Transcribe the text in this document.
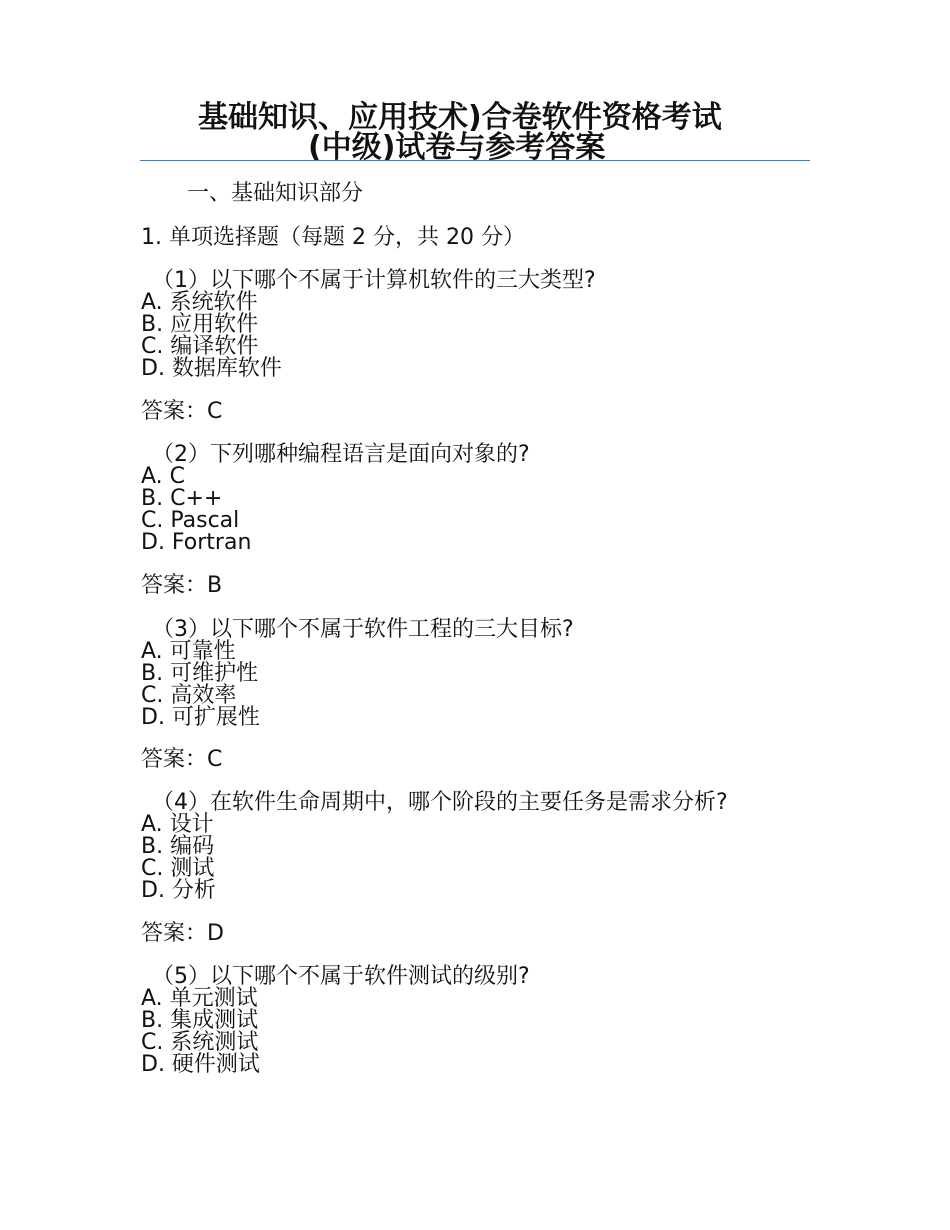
基础知识、应用技术)合卷软件资格考试
(中级)试卷与参考答案
一、基础知识部分
1. 单项选择题（每题 2 分，共 20 分）
（1）以下哪个不属于计算机软件的三大类型?
A. 系统软件
B. 应用软件
C. 编译软件
D. 数据库软件
答案：C
（2）下列哪种编程语言是面向对象的?
A. C
B. C++
C. Pascal
D. Fortran
答案：B
（3）以下哪个不属于软件工程的三大目标?
A. 可靠性
B. 可维护性
C. 高效率
D. 可扩展性
答案：C
（4）在软件生命周期中，哪个阶段的主要任务是需求分析?
A. 设计
B. 编码
C. 测试
D. 分析
答案：D
（5）以下哪个不属于软件测试的级别?
A. 单元测试
B. 集成测试
C. 系统测试
D. 硬件测试
